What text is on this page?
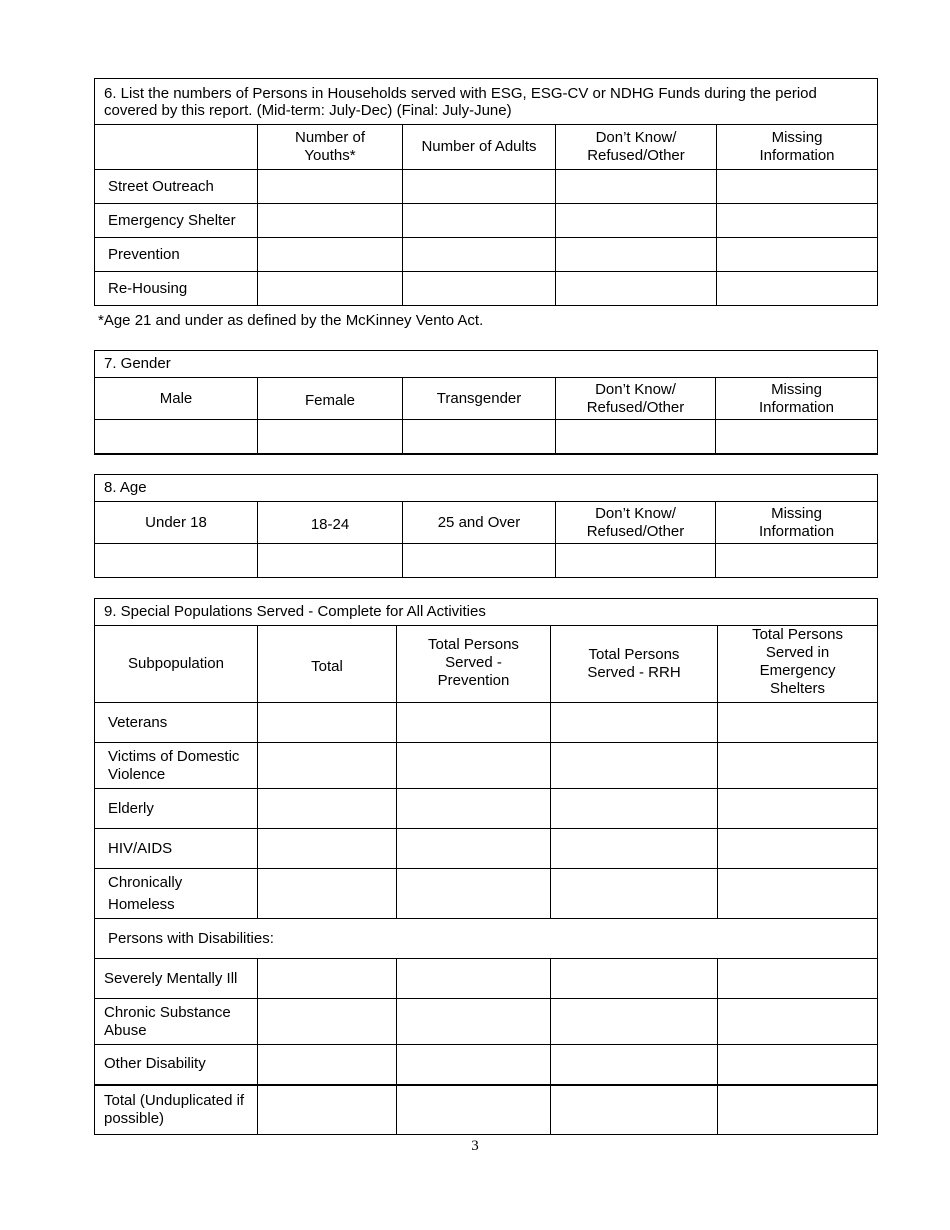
6. List the numbers of Persons in Households served with ESG, ESG-CV or NDHG Funds during the period
covered by this report. (Mid-term: July-Dec) (Final: July-June)				

	Number of Youths*	Number of Adults	Don’t Know/ Refused/Other	Missing Information
Street Outreach				
Emergency Shelter				
Prevention				
Re-Housing				
*Age 21 and under as defined by the McKinney Vento Act.
7. Gender				
Male	Female	Transgender	Don’t Know/ Refused/Other	Missing Information

8. Age				
Under 18	18-24	25 and Over	Don’t Know/ Refused/Other	Missing Information

9. Special Populations Served - Complete for All Activities				
Subpopulation	Total	Total Persons Served - Prevention	Total Persons Served - RRH	Total Persons Served in Emergency Shelters
Veterans				
Victims of Domestic Violence				
Elderly				
HIV/AIDS				
Chronically Homeless				
Persons with Disabilities:				
Severely Mentally Ill				
Chronic Substance Abuse				
Other Disability				
Total (Unduplicated if possible)				
3
